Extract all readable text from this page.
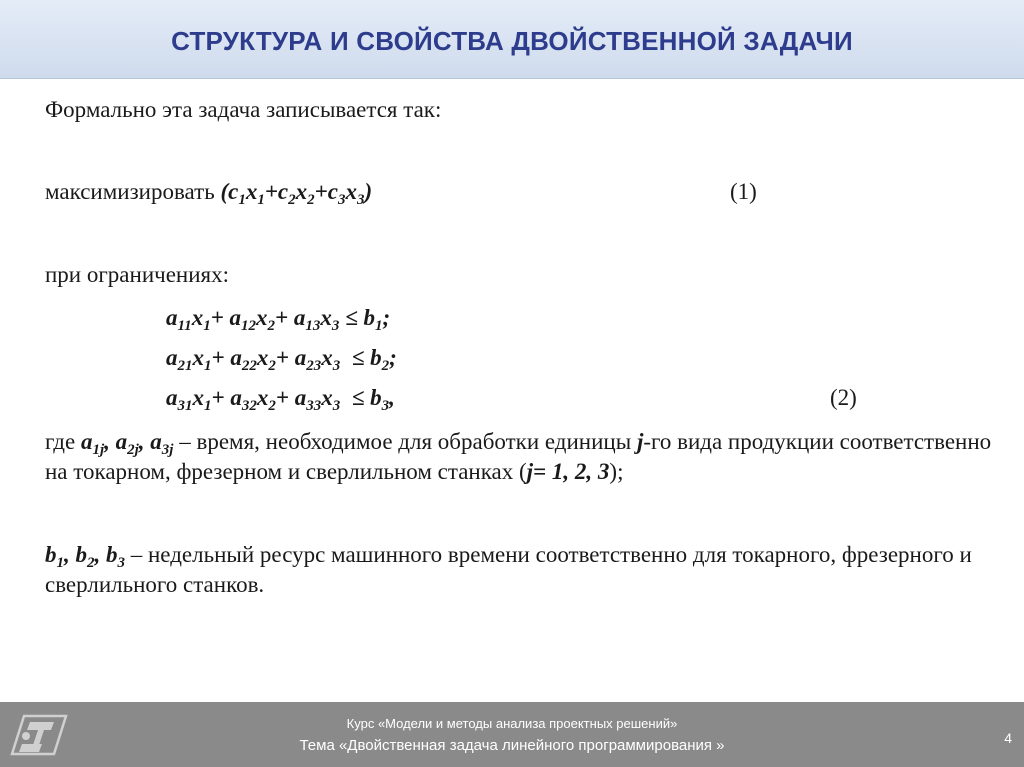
СТРУКТУРА И СВОЙСТВА ДВОЙСТВЕННОЙ ЗАДАЧИ
Формально эта задача записывается так:
максимизировать $(c_1x_1+c_2x_2+c_3x_3)$	(1)
при ограничениях:
$a_{11}x_1+ a_{12}x_2+ a_{13}x_3 \le b_1$;
$a_{21}x_1+ a_{22}x_2+ a_{23}x_3 \le b_2$;
$a_{31}x_1+ a_{32}x_2+ a_{33}x_3 \le b_3$,	(2)
где $a_{1j}$, $a_{2j}$, $a_{3j}$ – время, необходимое для обработки единицы j-го вида продукции соответственно на токарном, фрезерном и сверлильном станках (j= 1, 2, 3);
$b_1$, $b_2$, $b_3$ – недельный ресурс машинного времени соответственно для токарного, фрезерного и сверлильного станков.
Курс «Модели и методы анализа проектных решений»
Тема «Двойственная задача линейного программирования »	4
